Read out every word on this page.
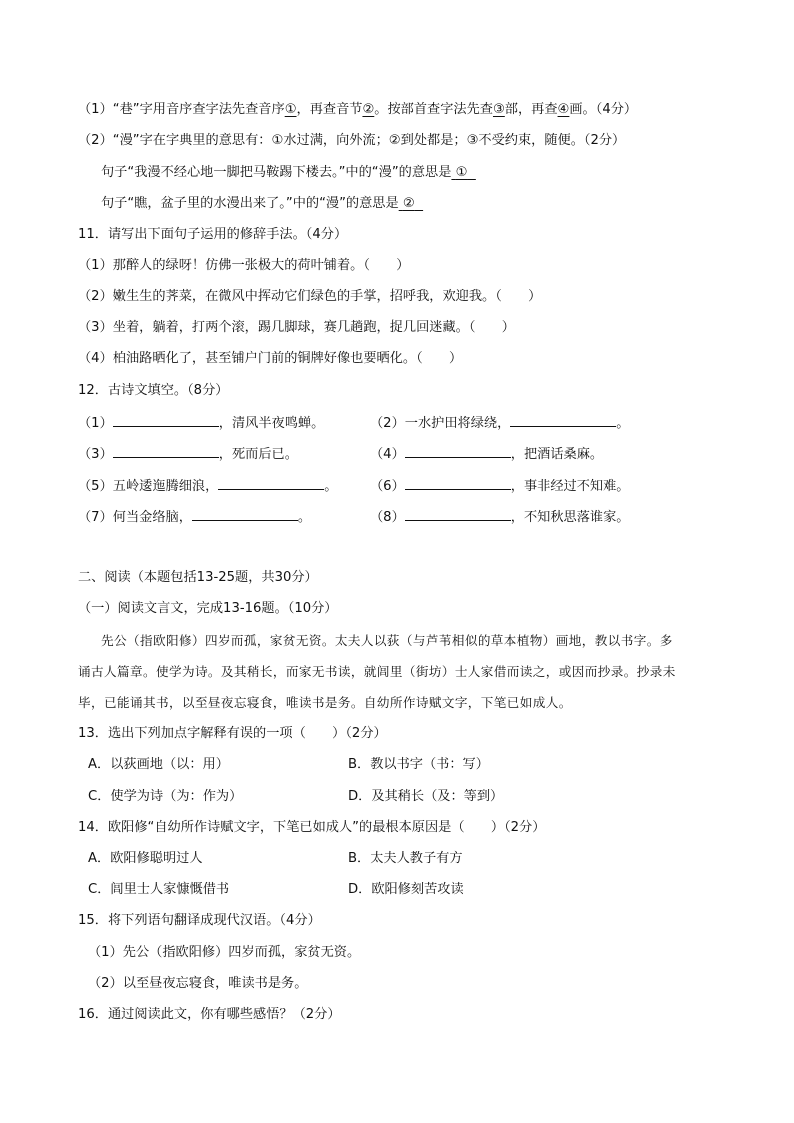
（1）“巷”字用音序查字法先查音序①，再查音节②。按部首查字法先查③部，再查④画。（4分）
（2）“漫”字在字典里的意思有：①水过满，向外流；②到处都是；③不受约束，随便。（2分）
句子“我漫不经心地一脚把马鞍踢下楼去。”中的“漫”的意思是 ①
句子“瞧，盆子里的水漫出来了。”中的“漫”的意思是 ②
11．请写出下面句子运用的修辞手法。（4分）
（1）那醉人的绿呀！仿佛一张极大的荷叶铺着。（　　）
（2）嫩生生的荠菜，在微风中挥动它们绿色的手掌，招呼我，欢迎我。（　　）
（3）坐着，躺着，打两个滚，踢几脚球，赛几趟跑，捉几回迷藏。（　　）
（4）柏油路晒化了，甚至铺户门前的铜牌好像也要晒化。（　　）
12．古诗文填空。（8分）
（1）	，清风半夜鸣蝉。	（2）一水护田将绿绕，	。
（3）	，死而后已。	（4）	，把酒话桑麻。
（5）五岭逶迤腾细浪，	。 （6）	，事非经过不知难。
（7）何当金络脑，	。	（8）	，不知秋思落谁家。
二、阅读（本题包括13-25题，共30分）
（一）阅读文言文，完成13-16题。（10分）
先公（指欧阳修）四岁而孤，家贫无资。太夫人以荻（与芦苇相似的草本植物）画地，教以书字。多
诵古人篇章。使学为诗。及其稍长，而家无书读，就闾里（街坊）士人家借而读之，或因而抄录。抄录未
毕，已能诵其书，以至昼夜忘寝食，唯读书是务。自幼所作诗赋文字，下笔已如成人。
13．选出下列加点字解释有误的一项（　　）（2分）
A．以荻画地（以：用）	B．教以书字（书：写）
C．使学为诗（为：作为）	D．及其稍长（及：等到）
14．欧阳修“自幼所作诗赋文字，下笔已如成人”的最根本原因是（　　）（2分）
A．欧阳修聪明过人	B．太夫人教子有方
C．闾里士人家慷慨借书	D．欧阳修刻苦攻读
15．将下列语句翻译成现代汉语。（4分）
（1）先公（指欧阳修）四岁而孤，家贫无资。
（2）以至昼夜忘寝食，唯读书是务。
16．通过阅读此文，你有哪些感悟？（2分）
